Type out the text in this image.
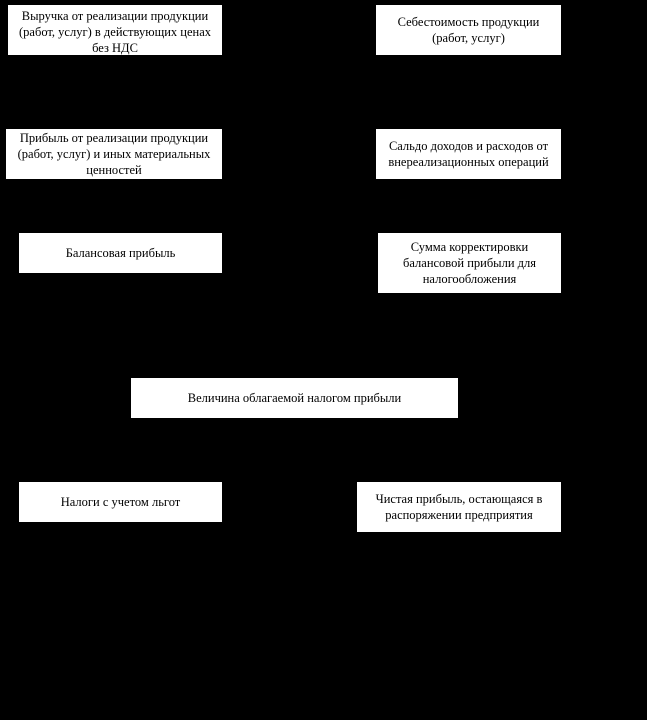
Выручка от реализации продукции (работ, услуг) в действующих ценах без НДС
Себестоимость продукции (работ, услуг)
Прибыль от реализации продукции (работ, услуг) и иных материальных ценностей
Сальдо доходов и расходов от внереализационных операций
Балансовая прибыль	Сумма корректировки балансовой прибыли для налогообложения
Величина облагаемой налогом прибыли
Налоги с учетом льгот	Чистая прибыль, остающаяся в распоряжении предприятия
